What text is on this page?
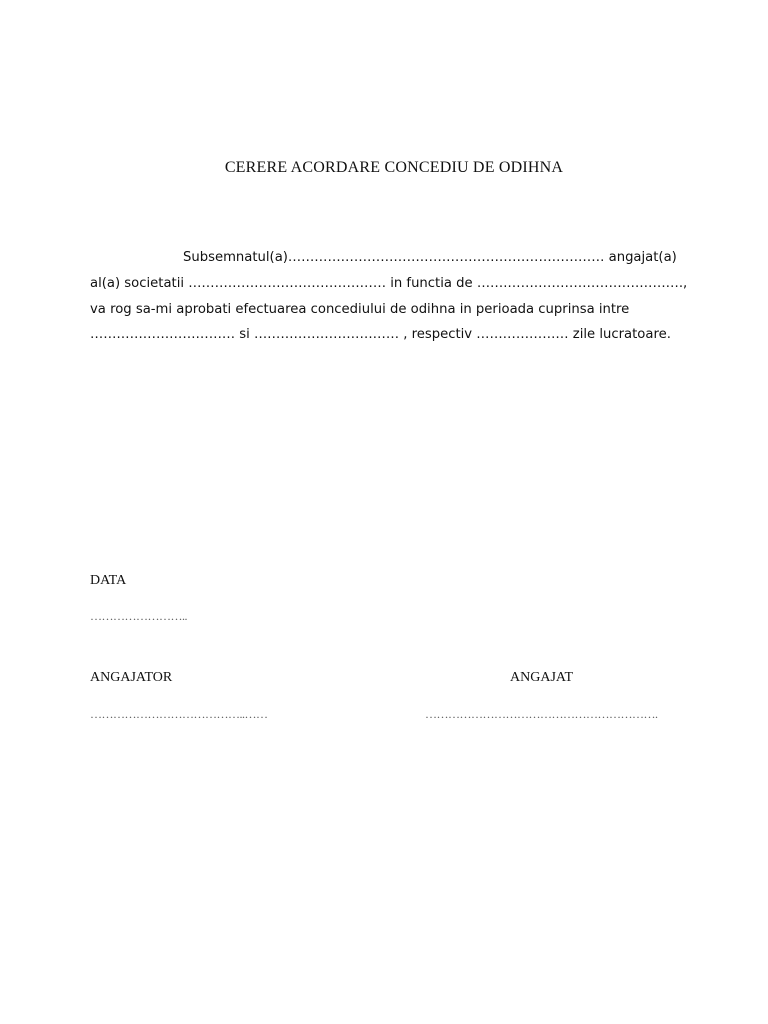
CERERE ACORDARE CONCEDIU DE ODIHNA
Subsemnatul(a)……………………………………………………………… angajat(a)
al(a) societatii ……………………………………… in functia de …….………………………………….,
va rog sa-mi aprobati efectuarea concediului de odihna in perioada cuprinsa intre
…………………………… si …………………………… , respectiv ………………… zile lucratoare.
DATA
……………………..
ANGAJATOR
…………………………………..……
ANGAJAT
…………………………………………………….
